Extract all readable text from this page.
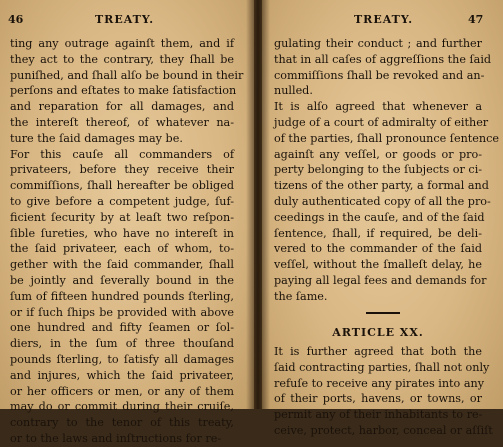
46	TREATY.
ting any outrage againſt them, and if
they act to the contrary, they ſhall be
puniſhed, and ſhall alſo be bound in their
perſons and eſtates to make ſatisfaction
and reparation for all damages, and
the intereſt thereof, of whatever na-
ture the ſaid damages may be.
For this cauſe all commanders of
privateers, before they receive their
commiſſions, ſhall hereafter be obliged
to give before a competent judge, ſuf-
ficient ſecurity by at leaſt two reſpon-
ſible ſureties, who have no intereſt in
the ſaid privateer, each of whom, to-
gether with the ſaid commander, ſhall
be jointly and ſeverally bound in the
ſum of fifteen hundred pounds ſterling,
or if ſuch ſhips be provided with above
one hundred and fifty ſeamen or ſol-
diers, in the ſum of three thouſand
pounds ſterling, to ſatisfy all damages
and injures, which the ſaid privateer,
or her officers or men, or any of them
may do or commit during their cruiſe,
contrary to the tenor of this treaty,
or to the laws and inſtructions for re-
TREATY.	47
gulating their conduct ; and further
that in all caſes of aggreſſions the ſaid
commiſſions ſhall be revoked and an-
nulled.
It is alſo agreed that whenever a
judge of a court of admiralty of either
of the parties, ſhall pronounce ſentence
againſt any veſſel, or goods or pro-
perty belonging to the ſubjects or ci-
tizens of the other party, a formal and
duly authenticated copy of all the pro-
ceedings in the cauſe, and of the ſaid
ſentence, ſhall, if required, be deli-
vered to the commander of the ſaid
veſſel, without the ſmalleſt delay, he
paying all legal fees and demands for
the ſame.
ARTICLE XX.
It is further agreed that both the
ſaid contracting parties, ſhall not only
refuſe to receive any pirates into any
of their ports, havens, or towns, or
permit any of their inhabitants to re-
ceive, protect, harbor, conceal or aſſiſt
